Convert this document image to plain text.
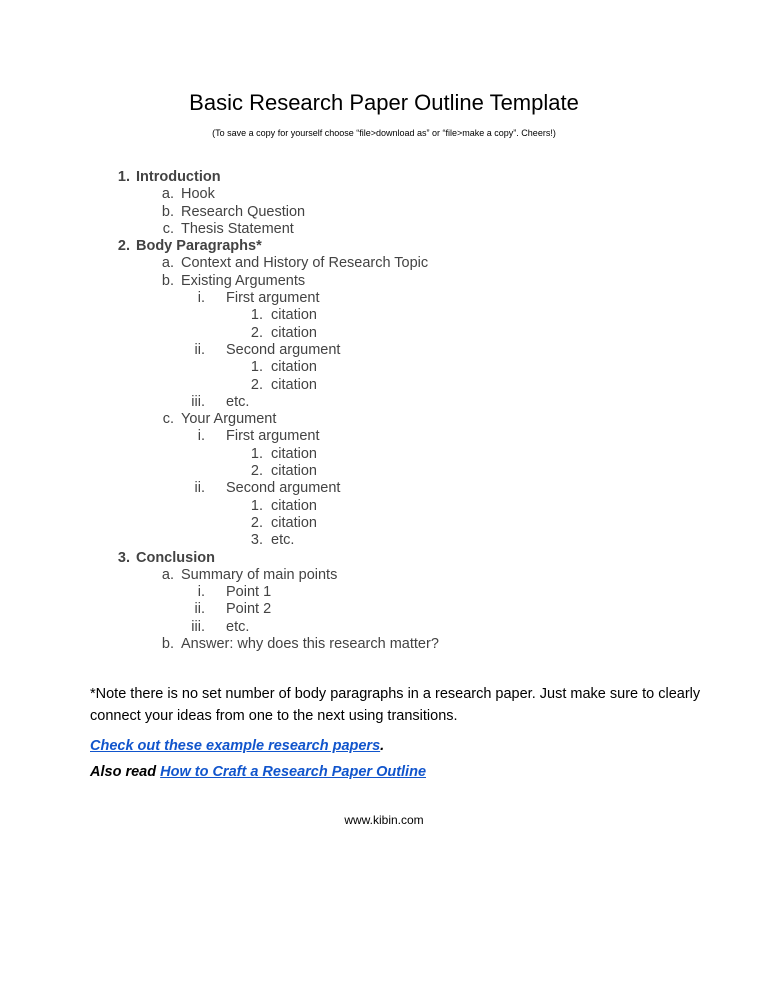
Basic Research Paper Outline Template
(To save a copy for yourself choose “file>download as” or “file>make a copy”. Cheers!)
1. Introduction
a. Hook
b. Research Question
c. Thesis Statement
2. Body Paragraphs*
a. Context and History of Research Topic
b. Existing Arguments
i. First argument
1. citation
2. citation
ii. Second argument
1. citation
2. citation
iii. etc.
c. Your Argument
i. First argument
1. citation
2. citation
ii. Second argument
1. citation
2. citation
3. etc.
3. Conclusion
a. Summary of main points
i. Point 1
ii. Point 2
iii. etc.
b. Answer: why does this research matter?
*Note there is no set number of body paragraphs in a research paper. Just make sure to clearly connect your ideas from one to the next using transitions.
Check out these example research papers.
Also read How to Craft a Research Paper Outline
www.kibin.com
